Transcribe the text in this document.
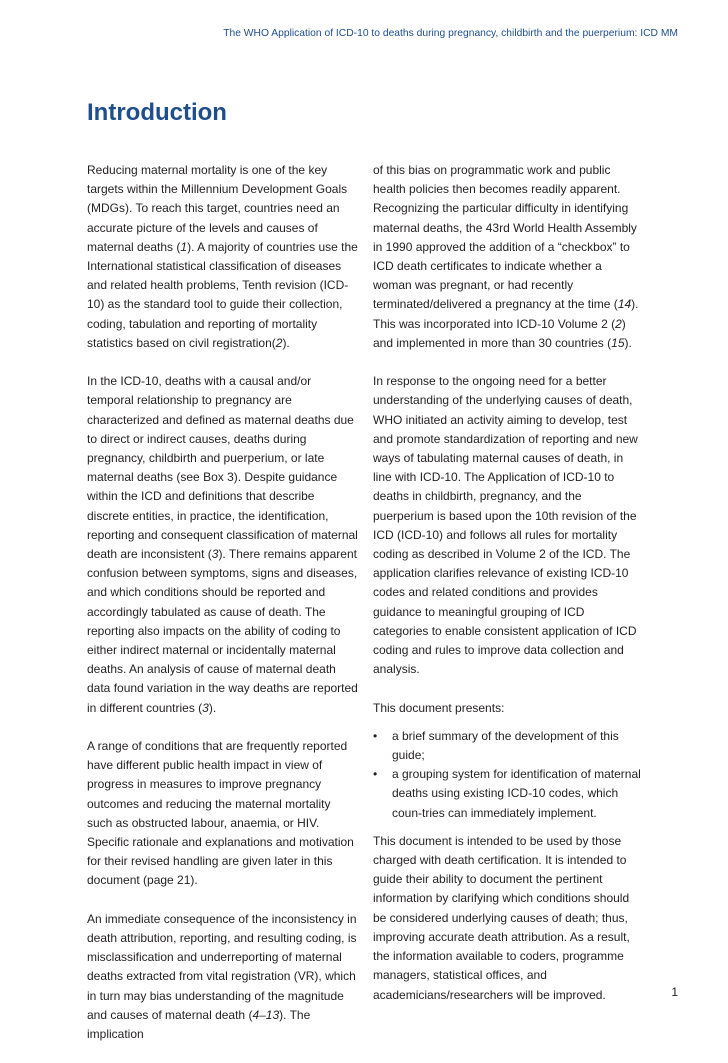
The WHO Application of ICD-10 to deaths during pregnancy, childbirth and the puerperium: ICD MM
Introduction

Reducing maternal mortality is one of the key targets within the Millennium Development Goals (MDGs). To reach this target, countries need an accurate picture of the levels and causes of maternal deaths (1). A majority of countries use the International statistical classification of diseases and related health problems, Tenth revision (ICD-10) as the standard tool to guide their collection, coding, tabulation and reporting of mortality statistics based on civil registration(2).

In the ICD-10, deaths with a causal and/or temporal relationship to pregnancy are characterized and defined as maternal deaths due to direct or indirect causes, deaths during pregnancy, childbirth and puerperium, or late maternal deaths (see Box 3). Despite guidance within the ICD and definitions that describe discrete entities, in practice, the identification, reporting and consequent classification of maternal death are inconsistent (3). There remains apparent confusion between symptoms, signs and diseases, and which conditions should be reported and accordingly tabulated as cause of death. The reporting also impacts on the ability of coding to either indirect maternal or incidentally maternal deaths. An analysis of cause of maternal death data found variation in the way deaths are reported in different countries (3).

A range of conditions that are frequently reported have different public health impact in view of progress in measures to improve pregnancy outcomes and reducing the maternal mortality such as obstructed labour, anaemia, or HIV. Specific rationale and explanations and motivation for their revised handling are given later in this document (page 21).

An immediate consequence of the inconsistency in death attribution, reporting, and resulting coding, is misclassification and underreporting of maternal deaths extracted from vital registration (VR), which in turn may bias understanding of the magnitude and causes of maternal death (4–13). The implication

of this bias on programmatic work and public health policies then becomes readily apparent. Recognizing the particular difficulty in identifying maternal deaths, the 43rd World Health Assembly in 1990 approved the addition of a “checkbox” to ICD death certificates to indicate whether a woman was pregnant, or had recently terminated/delivered a pregnancy at the time (14). This was incorporated into ICD-10 Volume 2 (2) and implemented in more than 30 countries (15).

In response to the ongoing need for a better understanding of the underlying causes of death, WHO initiated an activity aiming to develop, test and promote standardization of reporting and new ways of tabulating maternal causes of death, in line with ICD-10. The Application of ICD-10 to deaths in childbirth, pregnancy, and the puerperium is based upon the 10th revision of the ICD (ICD-10) and follows all rules for mortality coding as described in Volume 2 of the ICD. The application clarifies relevance of existing ICD-10 codes and related conditions and provides guidance to meaningful grouping of ICD categories to enable consistent application of ICD coding and rules to improve data collection and analysis.

This document presents:

• a brief summary of the development of this guide;
• a grouping system for identification of maternal deaths using existing ICD-10 codes, which coun-tries can immediately implement.

This document is intended to be used by those charged with death certification. It is intended to guide their ability to document the pertinent information by clarifying which conditions should be considered underlying causes of death; thus, improving accurate death attribution. As a result, the information available to coders, programme managers, statistical offices, and academicians/researchers will be improved.	1
